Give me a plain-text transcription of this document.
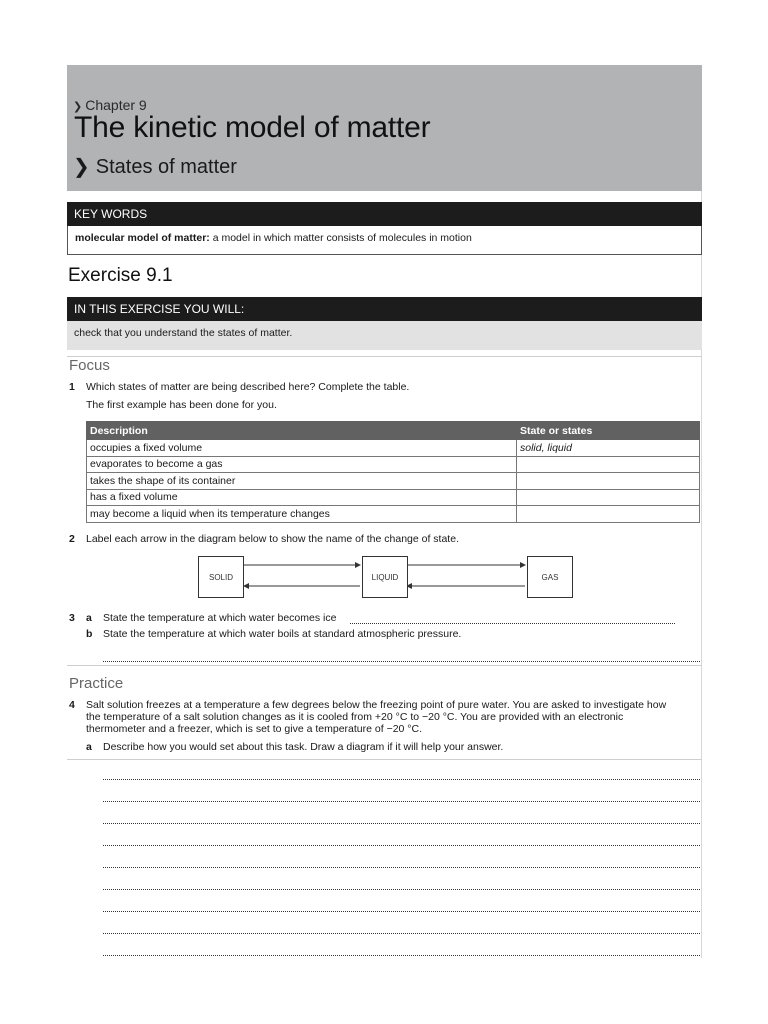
❯ Chapter 9
The kinetic model of matter
❯ States of matter
KEY WORDS
molecular model of matter: a model in which matter consists of molecules in motion
Exercise 9.1
IN THIS EXERCISE YOU WILL:
check that you understand the states of matter.
Focus
1 Which states of matter are being described here? Complete the table.
The first example has been done for you.
Description	State or states
occupies a fixed volume	solid, liquid
evaporates to become a gas	
takes the shape of its container	
has a fixed volume	
may become a liquid when its temperature changes	
2 Label each arrow in the diagram below to show the name of the change of state.
SOLID	LIQUID	GAS
3 a State the temperature at which water becomes ice
b State the temperature at which water boils at standard atmospheric pressure.
Practice
4 Salt solution freezes at a temperature a few degrees below the freezing point of pure water. You are asked to investigate how
the temperature of a salt solution changes as it is cooled from +20 °C to −20 °C. You are provided with an electronic
thermometer and a freezer, which is set to give a temperature of −20 °C.
a Describe how you would set about this task. Draw a diagram if it will help your answer.
